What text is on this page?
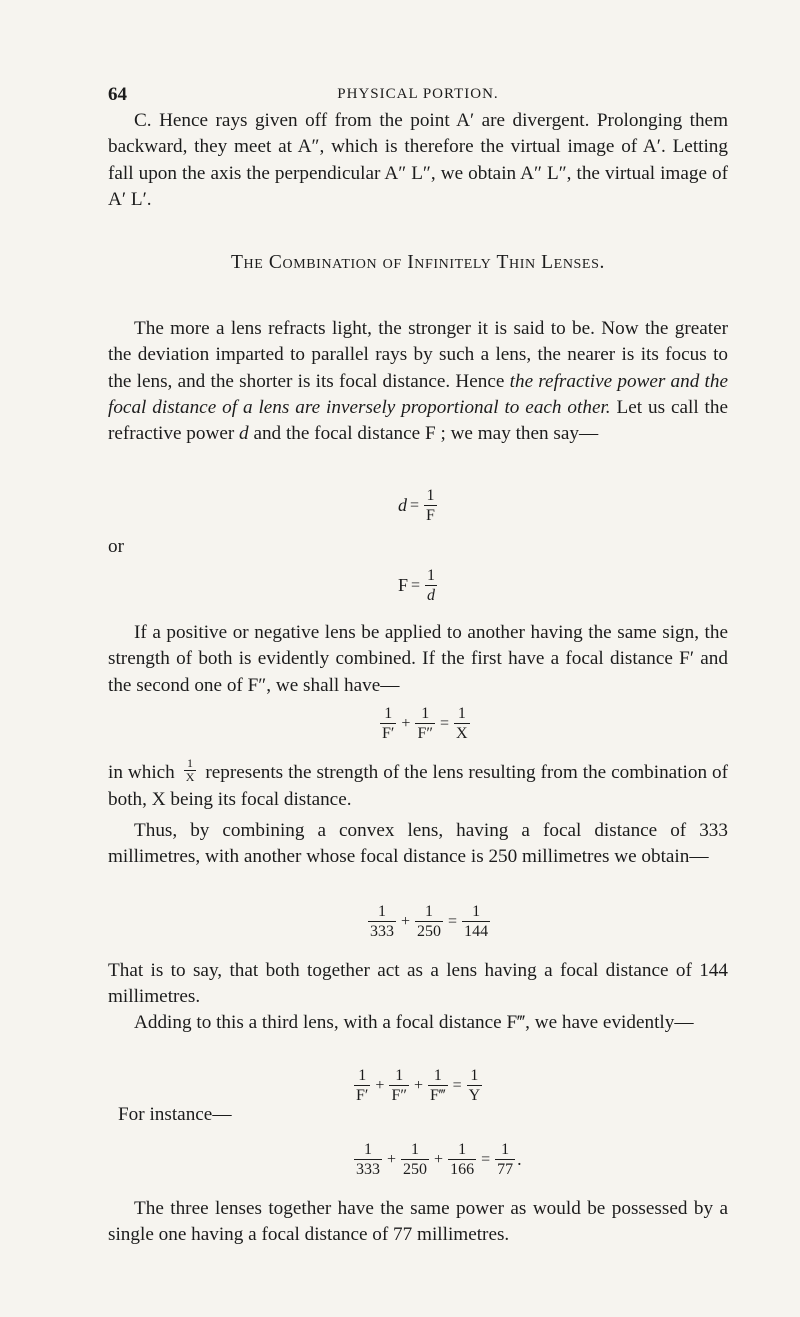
64	PHYSICAL PORTION.

C. Hence rays given off from the point A′ are divergent. Prolonging them backward, they meet at A″, which is therefore the virtual image of A′. Letting fall upon the axis the perpendicular A″ L″, we obtain A″ L″, the virtual image of A′ L′.

The Combination of Infinitely Thin Lenses.

The more a lens refracts light, the stronger it is said to be. Now the greater the deviation imparted to parallel rays by such a lens, the nearer is its focus to the lens, and the shorter is its focal distance. Hence the refractive power and the focal distance of a lens are inversely proportional to each other. Let us call the refractive power d and the focal distance F ; we may then say—

$d = \frac{1}{F}$
or
$F = \frac{1}{d}$

If a positive or negative lens be applied to another having the same sign, the strength of both is evidently combined. If the first have a focal distance F′ and the second one of F″, we shall have—

$\frac{1}{F'} + \frac{1}{F''} = \frac{1}{X}$

in which $\frac{1}{X}$ represents the strength of the lens resulting from the combination of both, X being its focal distance.

Thus, by combining a convex lens, having a focal distance of 333 millimetres, with another whose focal distance is 250 millimetres we obtain—

$\frac{1}{333} + \frac{1}{250} = \frac{1}{144}$

That is to say, that both together act as a lens having a focal distance of 144 millimetres.

Adding to this a third lens, with a focal distance F‴, we have evidently—

$\frac{1}{F'} + \frac{1}{F''} + \frac{1}{F‴} = \frac{1}{Y}$
For instance—
$\frac{1}{333} + \frac{1}{250} + \frac{1}{166} = \frac{1}{77}$ .

The three lenses together have the same power as would be possessed by a single one having a focal distance of 77 millimetres.
